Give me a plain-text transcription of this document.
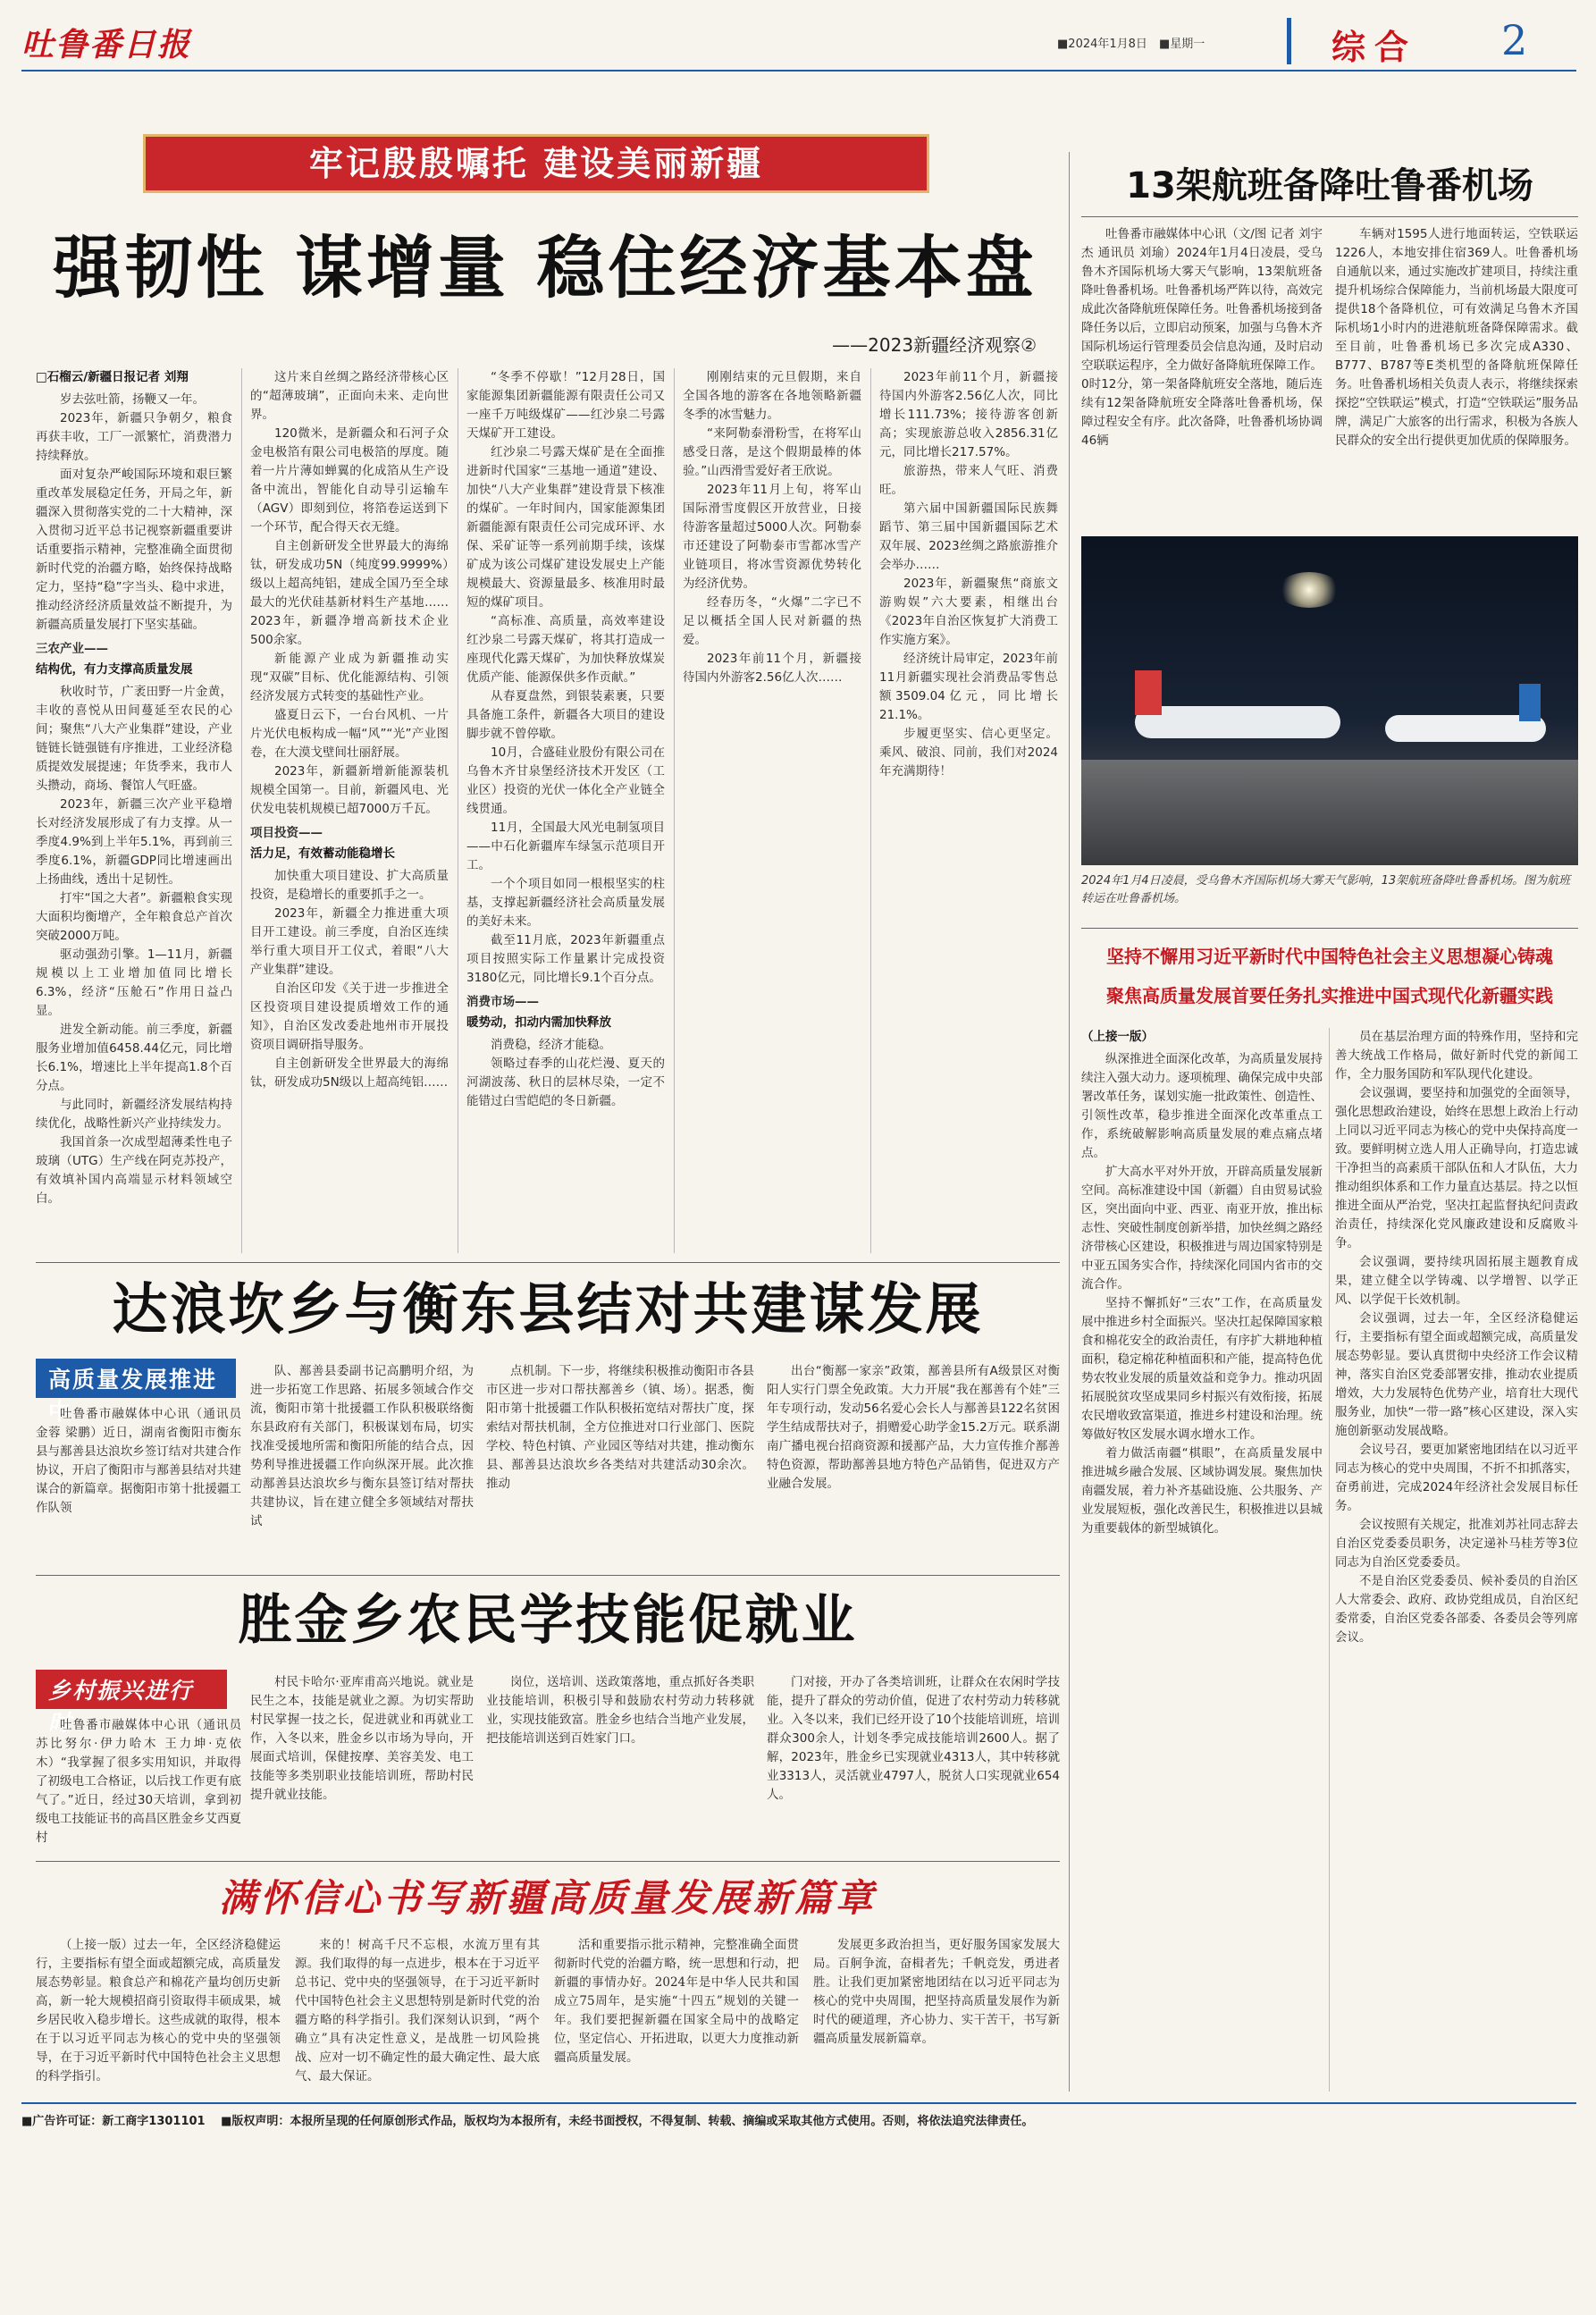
吐鲁番日报	■2024年1月8日　■星期一	综合	2
牢记殷殷嘱托 建设美丽新疆
强韧性 谋增量 稳住经济基本盘
——2023新疆经济观察②

□石榴云/新疆日报记者 刘翔

岁去弦吐箭，扬鞭又一年。

2023年，新疆只争朝夕，粮食再获丰收，工厂一派繁忙，消费潜力持续释放。

面对复杂严峻国际环境和艰巨繁重改革发展稳定任务，开局之年，新疆深入贯彻落实党的二十大精神，深入贯彻习近平总书记视察新疆重要讲话重要指示精神，完整准确全面贯彻新时代党的治疆方略，始终保持战略定力，坚持“稳”字当头、稳中求进，推动经济经济质量效益不断提升，为新疆高质量发展打下坚实基础。

三农产业——

结构优，有力支撑高质量发展

秋收时节，广袤田野一片金黄，丰收的喜悦从田间蔓延至农民的心间；聚焦“八大产业集群”建设，产业链链长链强链有序推进，工业经济稳质提效发展提速；年货季来，我市人头攒动，商场、餐馆人气旺盛。

2023年，新疆三次产业平稳增长对经济发展形成了有力支撑。从一季度4.9%到上半年5.1%，再到前三季度6.1%，新疆GDP同比增速画出上扬曲线，透出十足韧性。

打牢“国之大者”。新疆粮食实现大面积均衡增产，全年粮食总产首次突破2000万吨。

驱动强劲引擎。1—11月，新疆规模以上工业增加值同比增长6.3%，经济“压舱石”作用日益凸显。

进发全新动能。前三季度，新疆服务业增加值6458.44亿元，同比增长6.1%，增速比上半年提高1.8个百分点。

与此同时，新疆经济发展结构持续优化，战略性新兴产业持续发力。

我国首条一次成型超薄柔性电子玻璃（UTG）生产线在阿克苏投产，有效填补国内高端显示材料领域空白。

这片来自丝绸之路经济带核心区的“超薄玻璃”，正面向未来、走向世界。

120微米，是新疆众和石河子众金电极箔有限公司电极箔的厚度。随着一片片薄如蝉翼的化成箔从生产设备中流出，智能化自动导引运输车（AGV）即刻到位，将箔卷运送到下一个环节，配合得天衣无缝。

自主创新研发全世界最大的海绵钛，研发成功5N（纯度99.9999%）级以上超高纯铝，建成全国乃至全球最大的光伏硅基新材料生产基地……2023年，新疆净增高新技术企业500余家。

新能源产业成为新疆推动实现“双碳”目标、优化能源结构、引领经济发展方式转变的基础性产业。

盛夏日云下，一台台风机、一片片光伏电板构成一幅“风”“光”产业图卷，在大漠戈壁间壮丽舒展。

2023年，新疆新增新能源装机规模全国第一。目前，新疆风电、光伏发电装机规模已超7000万千瓦。

项目投资——

活力足，有效蓄动能稳增长

加快重大项目建设、扩大高质量投资，是稳增长的重要抓手之一。

2023年，新疆全力推进重大项目开工建设。前三季度，自治区连续举行重大项目开工仪式，着眼“八大产业集群”建设。

自治区印发《关于进一步推进全区投资项目建设提质增效工作的通知》，自治区发改委赴地州市开展投资项目调研指导服务。

自主创新研发全世界最大的海绵钛，研发成功5N级以上超高纯铝……

“冬季不停歇！”12月28日，国家能源集团新疆能源有限责任公司又一座千万吨级煤矿——红沙泉二号露天煤矿开工建设。

红沙泉二号露天煤矿是在全面推进新时代国家“三基地一通道”建设、加快“八大产业集群”建设背景下核准的煤矿。一年时间内，国家能源集团新疆能源有限责任公司完成环评、水保、采矿证等一系列前期手续，该煤矿成为该公司煤矿建设发展史上产能规模最大、资源量最多、核准用时最短的煤矿项目。

“高标准、高质量，高效率建设红沙泉二号露天煤矿，将其打造成一座现代化露天煤矿，为加快释放煤炭优质产能、能源保供多作贡献。”

从春夏盘然，到银装素裹，只要具备施工条件，新疆各大项目的建设脚步就不曾停歇。

10月，合盛硅业股份有限公司在乌鲁木齐甘泉堡经济技术开发区（工业区）投资的光伏一体化全产业链全线贯通。

11月，全国最大风光电制氢项目——中石化新疆库车绿氢示范项目开工。

一个个项目如同一根根坚实的柱基，支撑起新疆经济社会高质量发展的美好未来。

截至11月底，2023年新疆重点项目按照实际工作量累计完成投资3180亿元，同比增长9.1个百分点。

消费市场——

暖势动，扣动内需加快释放

消费稳，经济才能稳。

领略过春季的山花烂漫、夏天的河湖波荡、秋日的层林尽染，一定不能错过白雪皑皑的冬日新疆。

刚刚结束的元旦假期，来自全国各地的游客在各地领略新疆冬季的冰雪魅力。

“来阿勒泰滑粉雪，在将军山感受日落，是这个假期最棒的体验。”山西滑雪爱好者王欣说。

2023年11月上旬，将军山国际滑雪度假区开放营业，日接待游客量超过5000人次。阿勒泰市还建设了阿勒泰市雪都冰雪产业链项目，将冰雪资源优势转化为经济优势。

经春历冬，“火爆”二字已不足以概括全国人民对新疆的热爱。

2023年前11个月，新疆接待国内外游客2.56亿人次……

2023年前11个月，新疆接待国内外游客2.56亿人次，同比增长111.73%；接待游客创新高；实现旅游总收入2856.31亿元，同比增长217.57%。

旅游热，带来人气旺、消费旺。

第六届中国新疆国际民族舞蹈节、第三届中国新疆国际艺术双年展、2023丝绸之路旅游推介会举办……

2023年，新疆聚焦“商旅文游购娱”六大要素，相继出台《2023年自治区恢复扩大消费工作实施方案》。

经济统计局审定，2023年前11月新疆实现社会消费品零售总额3509.04亿元，同比增长21.1%。

步履更坚实、信心更坚定。乘风、破浪、同前，我们对2024年充满期待！

13架航班备降吐鲁番机场

吐鲁番市融媒体中心讯（文/图 记者 刘宇杰 通讯员 刘瑜）2024年1月4日凌晨，受乌鲁木齐国际机场大雾天气影响，13架航班备降吐鲁番机场。吐鲁番机场严阵以待，高效完成此次备降航班保障任务。吐鲁番机场接到备降任务以后，立即启动预案，加强与乌鲁木齐国际机场运行管理委员会信息沟通，及时启动空联联运程序，全力做好备降航班保障工作。0时12分，第一架备降航班安全落地，随后连续有12架备降航班安全降落吐鲁番机场，保障过程安全有序。此次备降，吐鲁番机场协调46辆

车辆对1595人进行地面转运，空铁联运1226人，本地安排住宿369人。吐鲁番机场自通航以来，通过实施改扩建项目，持续注重提升机场综合保障能力，当前机场最大限度可提供18个备降机位，可有效满足乌鲁木齐国际机场1小时内的进港航班备降保障需求。截至目前，吐鲁番机场已多次完成A330、B777、B787等E类机型的备降航班保障任务。吐鲁番机场相关负责人表示，将继续探索探挖“空铁联运”模式，打造“空铁联运”服务品牌，满足广大旅客的出行需求，积极为各族人民群众的安全出行提供更加优质的保障服务。

2024年1月4日凌晨，受乌鲁木齐国际机场大雾天气影响，13架航班备降吐鲁番机场。图为航班转运在吐鲁番机场。
坚持不懈用习近平新时代中国特色社会主义思想凝心铸魂
聚焦高质量发展首要任务扎实推进中国式现代化新疆实践

（上接一版）

纵深推进全面深化改革，为高质量发展持续注入强大动力。逐项梳理、确保完成中央部署改革任务，谋划实施一批政策性、创造性、引领性改革，稳步推进全面深化改革重点工作，系统破解影响高质量发展的难点痛点堵点。

扩大高水平对外开放，开辟高质量发展新空间。高标准建设中国（新疆）自由贸易试验区，突出面向中亚、西亚、南亚开放，推出标志性、突破性制度创新举措，加快丝绸之路经济带核心区建设，积极推进与周边国家特别是中亚五国务实合作，持续深化同国内省市的交流合作。

坚持不懈抓好“三农”工作，在高质量发展中推进乡村全面振兴。坚决扛起保障国家粮食和棉花安全的政治责任，有序扩大耕地种植面积，稳定棉花种植面积和产能，提高特色优势农牧业发展的质量效益和竞争力。推动巩固拓展脱贫攻坚成果同乡村振兴有效衔接，拓展农民增收致富渠道，推进乡村建设和治理。统筹做好牧区发展水调水增水工作。

着力做活南疆“棋眼”，在高质量发展中推进城乡融合发展、区域协调发展。聚焦加快南疆发展，着力补齐基础设施、公共服务、产业发展短板，强化改善民生，积极推进以县城为重要载体的新型城镇化。

员在基层治理方面的特殊作用，坚持和完善大统战工作格局，做好新时代党的新闻工作，全力服务国防和军队现代化建设。

会议强调，要坚持和加强党的全面领导，强化思想政治建设，始终在思想上政治上行动上同以习近平同志为核心的党中央保持高度一致。要鲜明树立选人用人正确导向，打造忠诚干净担当的高素质干部队伍和人才队伍，大力推动组织体系和工作力量直达基层。持之以恒推进全面从严治党，坚决扛起监督执纪问责政治责任，持续深化党风廉政建设和反腐败斗争。

会议强调，要持续巩固拓展主题教育成果，建立健全以学铸魂、以学增智、以学正风、以学促干长效机制。

会议强调，过去一年，全区经济稳健运行，主要指标有望全面或超额完成，高质量发展态势彰显。要认真贯彻中央经济工作会议精神，落实自治区党委部署安排，推动农业提质增效，大力发展特色优势产业，培育壮大现代服务业，加快“一带一路”核心区建设，深入实施创新驱动发展战略。

会议号召，要更加紧密地团结在以习近平同志为核心的党中央周围，不折不扣抓落实，奋勇前进，完成2024年经济社会发展目标任务。

会议按照有关规定，批准刘苏社同志辞去自治区党委委员职务，决定递补马桂芳等3位同志为自治区党委委员。

不是自治区党委委员、候补委员的自治区人大常委会、政府、政协党组成员，自治区纪委常委，自治区党委各部委、各委员会等列席会议。

达浪坎乡与衡东县结对共建谋发展
高质量发展推进中

吐鲁番市融媒体中心讯（通讯员 金蓉 梁鹏）近日，湖南省衡阳市衡东县与鄯善县达浪坎乡签订结对共建合作协议，开启了衡阳市与鄯善县结对共建谋合的新篇章。据衡阳市第十批援疆工作队领

队、鄯善县委副书记高鹏明介绍，为进一步拓宽工作思路、拓展多领域合作交流，衡阳市第十批援疆工作队积极联络衡东县政府有关部门，积极谋划布局，切实找准受援地所需和衡阳所能的结合点，因势利导推进援疆工作向纵深开展。此次推动鄯善县达浪坎乡与衡东县签订结对帮扶共建协议，旨在建立健全多领域结对帮扶试

点机制。下一步，将继续积极推动衡阳市各县市区进一步对口帮扶鄯善乡（镇、场）。据悉，衡阳市第十批援疆工作队积极拓宽结对帮扶广度，探索结对帮扶机制，全方位推进对口行业部门、医院学校、特色村镇、产业园区等结对共建，推动衡东县、鄯善县达浪坎乡各类结对共建活动30余次。推动

出台“衡鄯一家亲”政策，鄯善县所有A级景区对衡阳人实行门票全免政策。大力开展“我在鄯善有个娃”三年专项行动，发动56名爱心会长人与鄯善县122名贫困学生结成帮扶对子，捐赠爱心助学金15.2万元。联系湖南广播电视台招商资源和援鄯产品，大力宣传推介鄯善特色资源，帮助鄯善县地方特色产品销售，促进双方产业融合发展。

胜金乡农民学技能促就业
乡村振兴进行时

吐鲁番市融媒体中心讯（通讯员 苏比努尔·伊力哈木 王力坤·克依木）“我掌握了很多实用知识，并取得了初级电工合格证，以后找工作更有底气了。”近日，经过30天培训，拿到初级电工技能证书的高昌区胜金乡艾西夏村

村民卡哈尔·亚库甫高兴地说。就业是民生之本，技能是就业之源。为切实帮助村民掌握一技之长，促进就业和再就业工作，入冬以来，胜金乡以市场为导向，开展面式培训，保健按摩、美容美发、电工技能等多类别职业技能培训班，帮助村民提升就业技能。

岗位，送培训、送政策落地，重点抓好各类职业技能培训，积极引导和鼓励农村劳动力转移就业，实现技能致富。胜金乡也结合当地产业发展，把技能培训送到百姓家门口。

门对接，开办了各类培训班，让群众在农闲时学技能，提升了群众的劳动价值，促进了农村劳动力转移就业。入冬以来，我们已经开设了10个技能培训班，培训群众300余人，计划冬季完成技能培训2600人。据了解，2023年，胜金乡已实现就业4313人，其中转移就业3313人，灵活就业4797人，脱贫人口实现就业654人。

满怀信心书写新疆高质量发展新篇章

（上接一版）过去一年，全区经济稳健运行，主要指标有望全面或超额完成，高质量发展态势彰显。粮食总产和棉花产量均创历史新高，新一轮大规模招商引资取得丰硕成果，城乡居民收入稳步增长。这些成就的取得，根本在于以习近平同志为核心的党中央的坚强领导，在于习近平新时代中国特色社会主义思想的科学指引。

来的！树高千尺不忘根，水流万里有其源。我们取得的每一点进步，根本在于习近平总书记、党中央的坚强领导，在于习近平新时代中国特色社会主义思想特别是新时代党的治疆方略的科学指引。我们深刻认识到，“两个确立”具有决定性意义，是战胜一切风险挑战、应对一切不确定性的最大确定性、最大底气、最大保证。

活和重要指示批示精神，完整准确全面贯彻新时代党的治疆方略，统一思想和行动，把新疆的事情办好。2024年是中华人民共和国成立75周年，是实施“十四五”规划的关键一年。我们要把握新疆在国家全局中的战略定位，坚定信心、开拓进取，以更大力度推动新疆高质量发展。

发展更多政治担当，更好服务国家发展大局。百舸争流，奋楫者先；千帆竞发，勇进者胜。让我们更加紧密地团结在以习近平同志为核心的党中央周围，把坚持高质量发展作为新时代的硬道理，齐心协力、实干苦干，书写新疆高质量发展新篇章。

■广告许可证：新工商字1301101 　 ■版权声明：本报所呈现的任何原创形式作品，版权均为本报所有，未经书面授权，不得复制、转载、摘编或采取其他方式使用。否则，将依法追究法律责任。
